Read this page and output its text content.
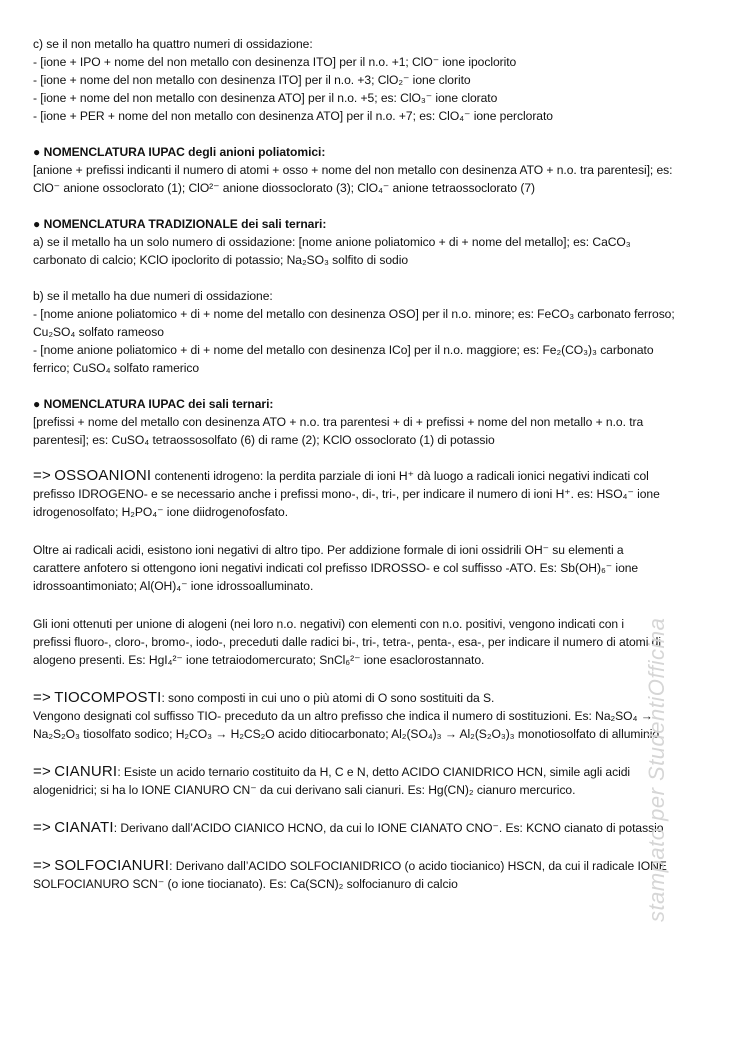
c) se il non metallo ha quattro numeri di ossidazione:

- [ione + IPO + nome del non metallo con desinenza ITO] per il n.o. +1; ClO⁻ ione ipoclorito

- [ione + nome del non metallo con desinenza ITO] per il n.o. +3; ClO₂⁻ ione clorito

- [ione + nome del non metallo con desinenza ATO] per il n.o. +5; es: ClO₃⁻ ione clorato

- [ione + PER + nome del non metallo con desinenza ATO] per il n.o. +7; es: ClO₄⁻ ione perclorato

● NOMENCLATURA IUPAC degli anioni poliatomici:

[anione + prefissi indicanti il numero di atomi + osso + nome del non metallo con desinenza ATO + n.o. tra parentesi]; es:

ClO⁻ anione ossoclorato (1); ClO²⁻ anione diossoclorato (3); ClO₄⁻ anione tetraossoclorato (7)

● NOMENCLATURA TRADIZIONALE dei sali ternari:

a) se il metallo ha un solo numero di ossidazione: [nome anione poliatomico + di + nome del metallo]; es: CaCO₃

carbonato di calcio; KClO ipoclorito di potassio; Na₂SO₃ solfito di sodio

b) se il metallo ha due numeri di ossidazione:

- [nome anione poliatomico + di + nome del metallo con desinenza OSO] per il n.o. minore; es: FeCO₃ carbonato ferroso;

Cu₂SO₄ solfato rameoso

- [nome anione poliatomico + di + nome del metallo con desinenza ICo] per il n.o. maggiore; es: Fe₂(CO₃)₃ carbonato

ferrico; CuSO₄ solfato ramerico

● NOMENCLATURA IUPAC dei sali ternari:

[prefissi + nome del metallo con desinenza ATO + n.o. tra parentesi + di + prefissi + nome del non metallo + n.o. tra

parentesi]; es: CuSO₄ tetraossosolfato (6) di rame (2); KClO ossoclorato (1) di potassio

=> OSSOANIONI contenenti idrogeno: la perdita parziale di ioni H⁺ dà luogo a radicali ionici negativi indicati col

prefisso IDROGENO- e se necessario anche i prefissi mono-, di-, tri-, per indicare il numero di ioni H⁺. es: HSO₄⁻ ione

idrogenosolfato; H₂PO₄⁻ ione diidrogenofosfato.

Oltre ai radicali acidi, esistono ioni negativi di altro tipo. Per addizione formale di ioni ossidrili OH⁻ su elementi a

carattere anfotero si ottengono ioni negativi indicati col prefisso IDROSSO- e col suffisso -ATO. Es: Sb(OH)₆⁻ ione

idrossoantimoniato; Al(OH)₄⁻ ione idrossoalluminato.

Gli ioni ottenuti per unione di alogeni (nei loro n.o. negativi) con elementi con n.o. positivi, vengono indicati con i

prefissi fluoro-, cloro-, bromo-, iodo-, preceduti dalle radici bi-, tri-, tetra-, penta-, esa-, per indicare il numero di atomi di

alogeno presenti. Es: HgI₄²⁻ ione tetraiodomercurato; SnCl₆²⁻ ione esaclorostannato.

=> TIOCOMPOSTI: sono composti in cui uno o più atomi di O sono sostituiti da S.

Vengono designati col suffisso TIO- preceduto da un altro prefisso che indica il numero di sostituzioni. Es: Na₂SO₄ →

Na₂S₂O₃ tiosolfato sodico; H₂CO₃ → H₂CS₂O acido ditiocarbonato; Al₂(SO₄)₃ → Al₂(S₂O₃)₃ monotiosolfato di alluminio.

=> CIANURI: Esiste un acido ternario costituito da H, C e N, detto ACIDO CIANIDRICO HCN, simile agli acidi

alogenidrici; si ha lo IONE CIANURO CN⁻ da cui derivano sali cianuri. Es: Hg(CN)₂ cianuro mercurico.

=> CIANATI: Derivano dall’ACIDO CIANICO HCNO, da cui lo IONE CIANATO CNO⁻. Es: KCNO cianato di potassio

=> SOLFOCIANURI: Derivano dall’ACIDO SOLFOCIANIDRICO (o acido tiocianico) HSCN, da cui il radicale IONE

SOLFOCIANURO SCN⁻ (o ione tiocianato). Es: Ca(SCN)₂ solfocianuro di calcio	stampato per StudentiOfficina
